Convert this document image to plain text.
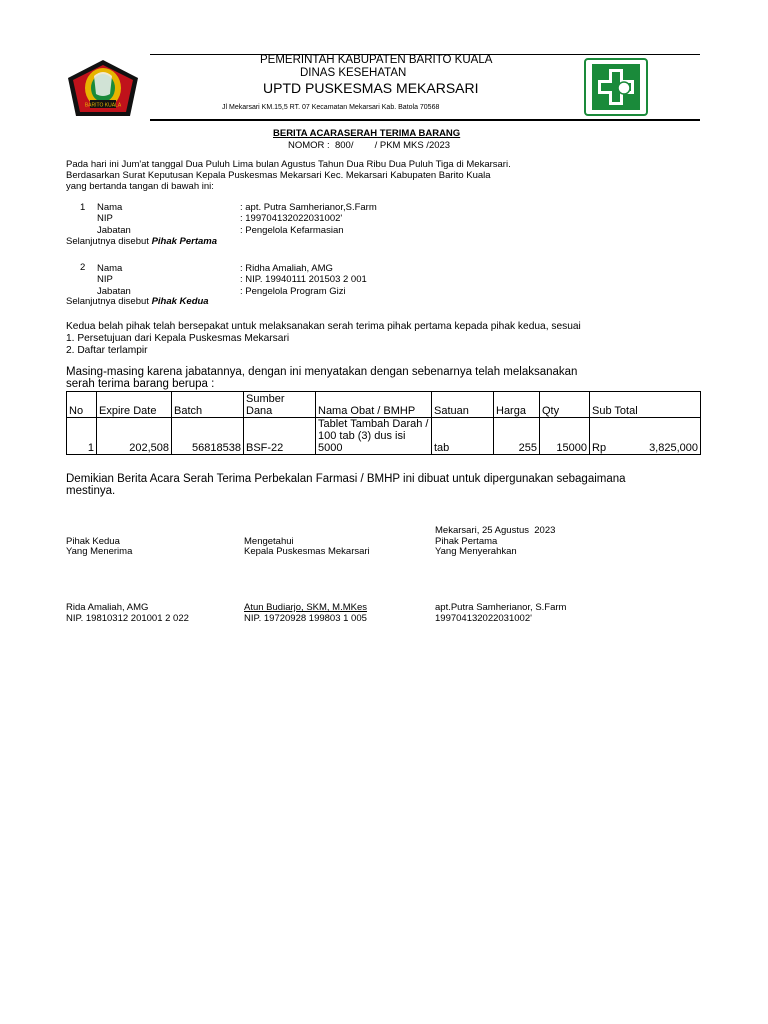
BARITO KUALA
PEMERINTAH KABUPATEN BARITO KUALA
DINAS KESEHATAN
UPTD PUSKESMAS MEKARSARI
Jl Mekarsari KM.15,5 RT. 07 Kecamatan Mekarsari Kab. Batola 70568
BERITA ACARASERAH TERIMA BARANG
NOMOR :  800/        / PKM MKS /2023
Pada hari ini Jum'at tanggal Dua Puluh Lima bulan Agustus Tahun Dua Ribu Dua Puluh Tiga di Mekarsari.
Berdasarkan Surat Keputusan Kepala Puskesmas Mekarsari Kec. Mekarsari Kabupaten Barito Kuala
yang bertanda tangan di bawah ini:
1 Nama	: apt. Putra Samherianor,S.Farm
NIP	: 199704132022031002'
Jabatan	: Pengelola Kefarmasian
Selanjutnya disebut Pihak Pertama
2 Nama	: Ridha Amaliah, AMG
NIP	: NIP. 19940111 201503 2 001
Jabatan	: Pengelola Program Gizi
Selanjutnya disebut Pihak Kedua
Kedua belah pihak telah bersepakat untuk melaksanakan serah terima pihak pertama kepada pihak kedua, sesuai
1. Persetujuan dari Kepala Puskesmas Mekarsari
2. Daftar terlampir
Masing-masing karena jabatannya, dengan ini menyatakan dengan sebenarnya telah melaksanakan
serah terima barang berupa :
No	Expire Date	Batch	Sumber Dana	Nama Obat / BMHP	Satuan	Harga	Qty	Sub Total
1	202,508	56818538	BSF-22	Tablet Tambah Darah / 100 tab (3) dus isi 5000	tab	255	15000	Rp 3,825,000
Demikian Berita Acara Serah Terima Perbekalan Farmasi / BMHP ini dibuat untuk dipergunakan sebagaimana
mestinya.
Mekarsari, 25 Agustus  2023
Pihak Kedua
Yang Menerima
Rida Amaliah, AMG
NIP. 19810312 201001 2 022
Mengetahui
Kepala Puskesmas Mekarsari
Atun Budiarjo, SKM, M.MKes
NIP. 19720928 199803 1 005
Pihak Pertama
Yang Menyerahkan
apt.Putra Samherianor, S.Farm
199704132022031002'
